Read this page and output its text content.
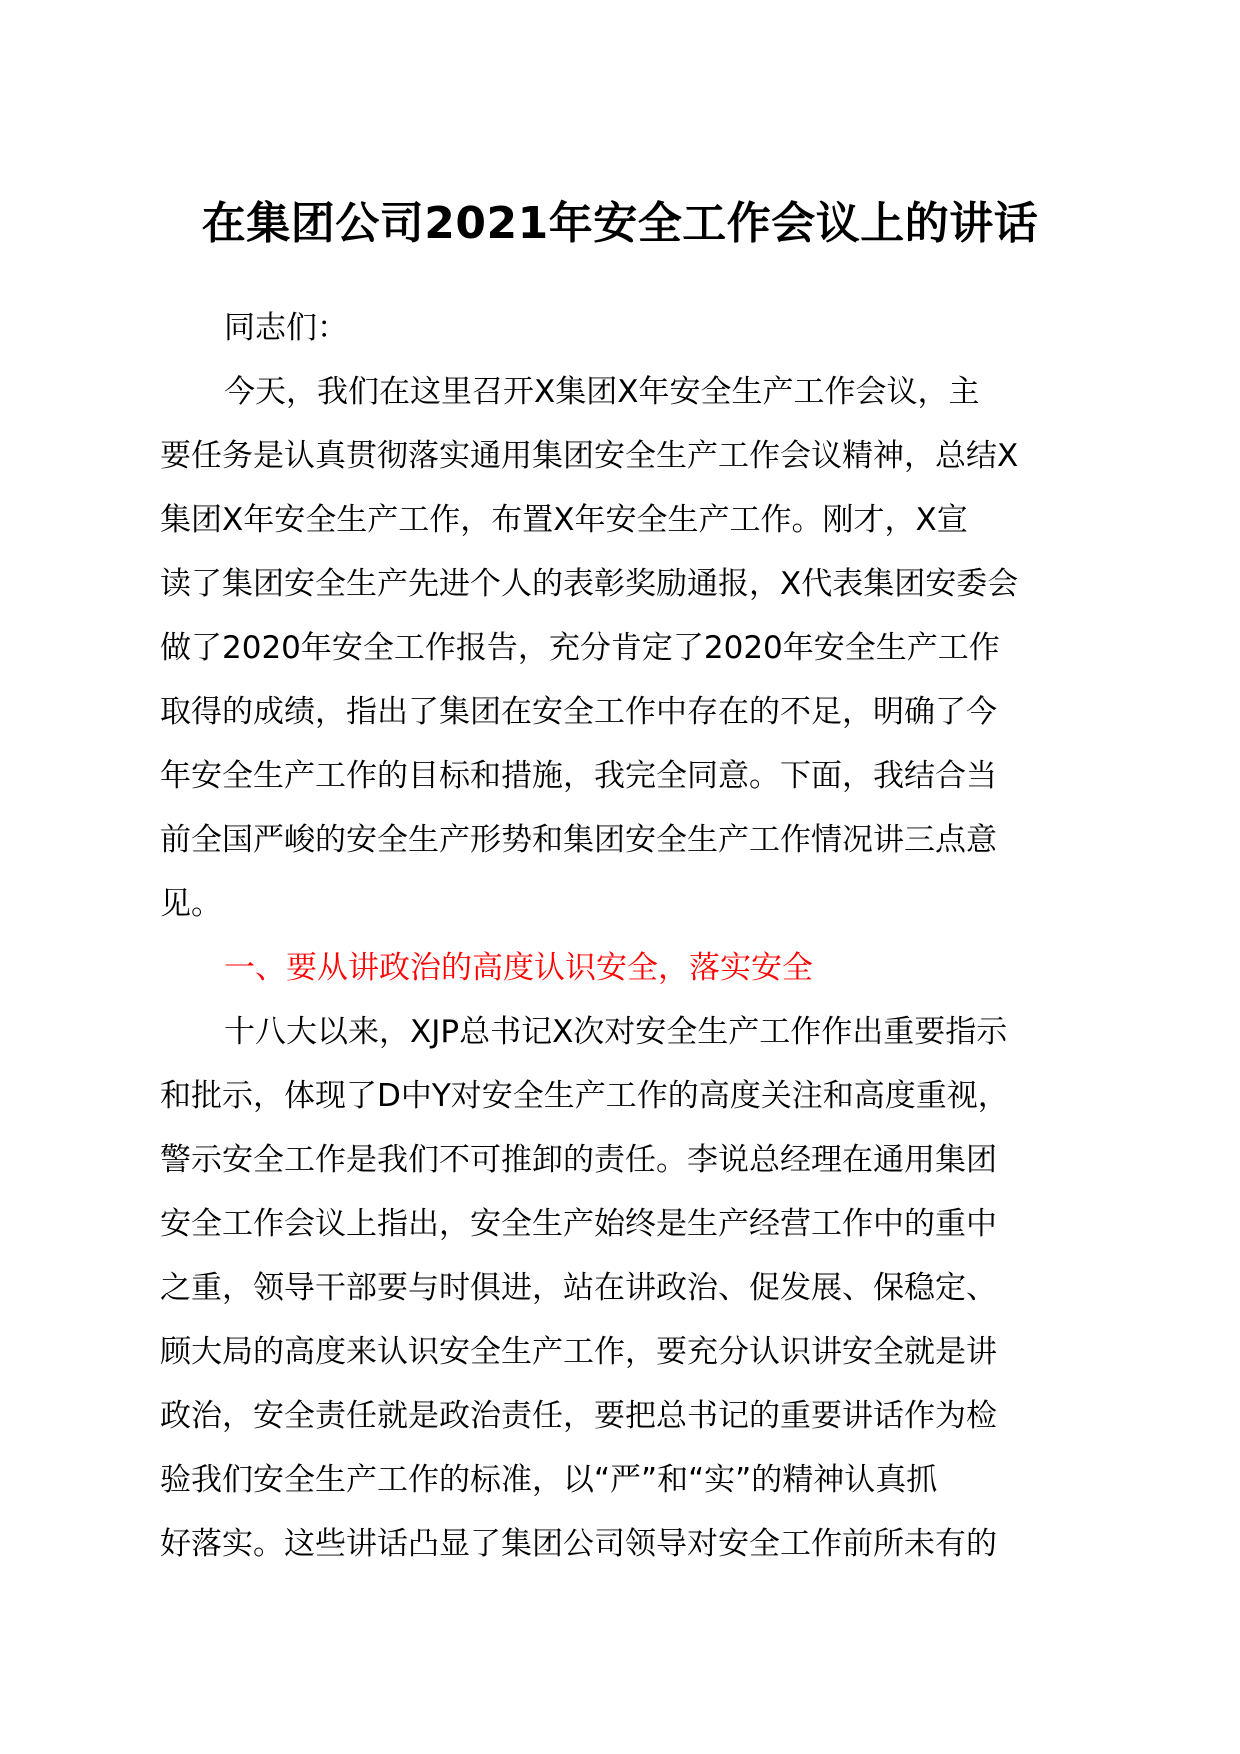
在集团公司2021年安全工作会议上的讲话
同志们：
今天，我们在这里召开X集团X年安全生产工作会议，主
要任务是认真贯彻落实通用集团安全生产工作会议精神，总结X
集团X年安全生产工作，布置X年安全生产工作。刚才，X宣
读了集团安全生产先进个人的表彰奖励通报，X代表集团安委会
做了2020年安全工作报告，充分肯定了2020年安全生产工作
取得的成绩，指出了集团在安全工作中存在的不足，明确了今
年安全生产工作的目标和措施，我完全同意。下面，我结合当
前全国严峻的安全生产形势和集团安全生产工作情况讲三点意
见。
一、要从讲政治的高度认识安全，落实安全
十八大以来，XJP总书记X次对安全生产工作作出重要指示
和批示，体现了D中Y对安全生产工作的高度关注和高度重视，
警示安全工作是我们不可推卸的责任。李说总经理在通用集团
安全工作会议上指出，安全生产始终是生产经营工作中的重中
之重，领导干部要与时俱进，站在讲政治、促发展、保稳定、
顾大局的高度来认识安全生产工作，要充分认识讲安全就是讲
政治，安全责任就是政治责任，要把总书记的重要讲话作为检
验我们安全生产工作的标准，以“严”和“实”的精神认真抓
好落实。这些讲话凸显了集团公司领导对安全工作前所未有的
